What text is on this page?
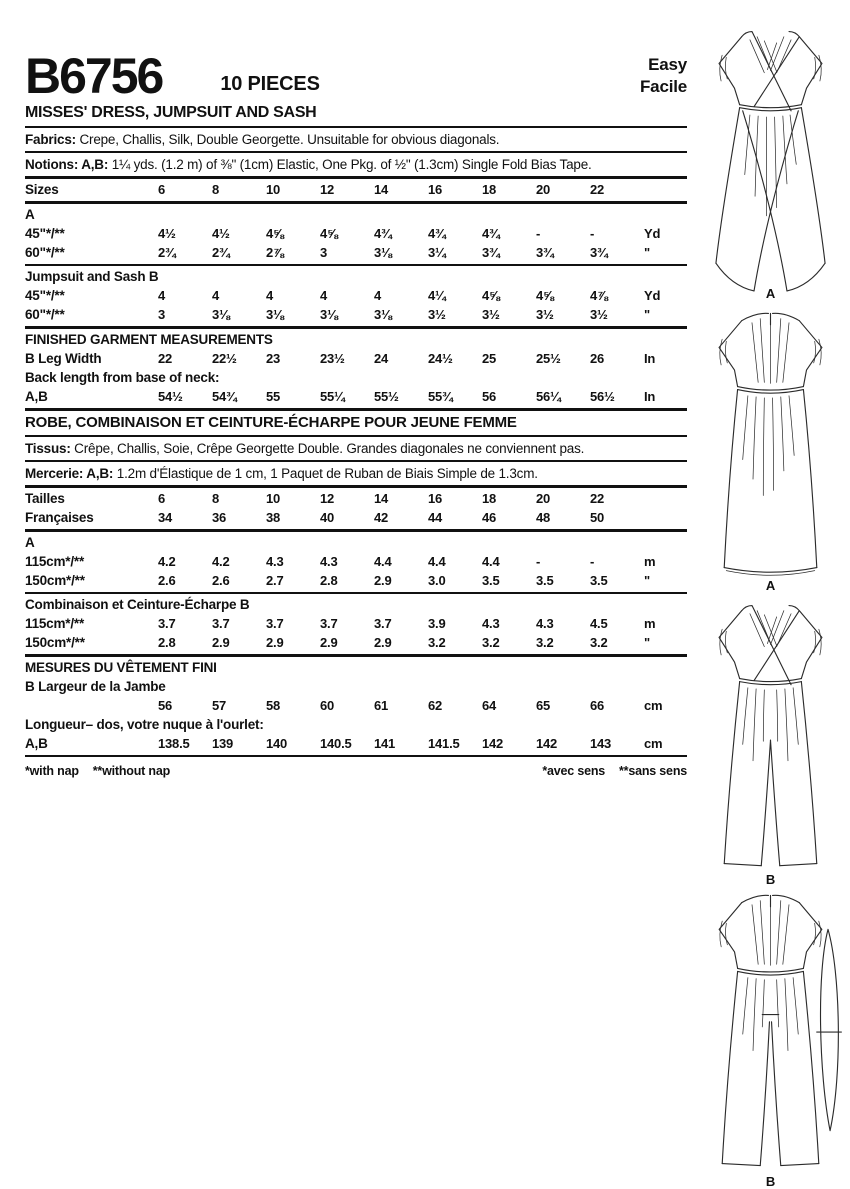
B6756	10 PIECES
Easy
Facile
MISSES' DRESS, JUMPSUIT AND SASH
Fabrics: Crepe, Challis, Silk, Double Georgette. Unsuitable for obvious diagonals.
Notions: A,B: 1¼ yds. (1.2 m) of ⅜" (1cm) Elastic, One Pkg. of ½" (1.3cm) Single Fold Bias Tape.
Sizes	6	8	10	12	14	16	18	20	22
A
45"*/**	4½	4½	4⅝	4⅝	4¾	4¾	4¾	-	-	Yd
60"*/**	2¾	2¾	2⅞	3	3⅛	3¼	3¾	3¾	3¾	"
Jumpsuit and Sash B
45"*/**	4	4	4	4	4	4¼	4⅝	4⅝	4⅞	Yd
60"*/**	3	3⅛	3⅛	3⅛	3⅛	3½	3½	3½	3½	"
FINISHED GARMENT MEASUREMENTS
B Leg Width	22	22½	23	23½	24	24½	25	25½	26	In
Back length from base of neck:
A,B	54½	54¾	55	55¼	55½	55¾	56	56¼	56½	In
ROBE, COMBINAISON ET CEINTURE-ÉCHARPE POUR JEUNE FEMME
Tissus: Crêpe, Challis, Soie, Crêpe Georgette Double. Grandes diagonales ne conviennent pas.
Mercerie: A,B: 1.2m d'Élastique de 1 cm, 1 Paquet de Ruban de Biais Simple de 1.3cm.
Tailles	6	8	10	12	14	16	18	20	22
Françaises	34	36	38	40	42	44	46	48	50
A
115cm*/**	4.2	4.2	4.3	4.3	4.4	4.4	4.4	-	-	m
150cm*/**	2.6	2.6	2.7	2.8	2.9	3.0	3.5	3.5	3.5	"
Combinaison et Ceinture-Écharpe B
115cm*/**	3.7	3.7	3.7	3.7	3.7	3.9	4.3	4.3	4.5	m
150cm*/**	2.8	2.9	2.9	2.9	2.9	3.2	3.2	3.2	3.2	"
MESURES DU VÊTEMENT FINI
B Largeur de la Jambe
56	57	58	60	61	62	64	65	66	cm
Longueur– dos, votre nuque à l'ourlet:
A,B	138.5	139	140	140.5	141	141.5	142	142	143	cm
*with nap **without nap	*avec sens **sans sens
A
A
B
B
